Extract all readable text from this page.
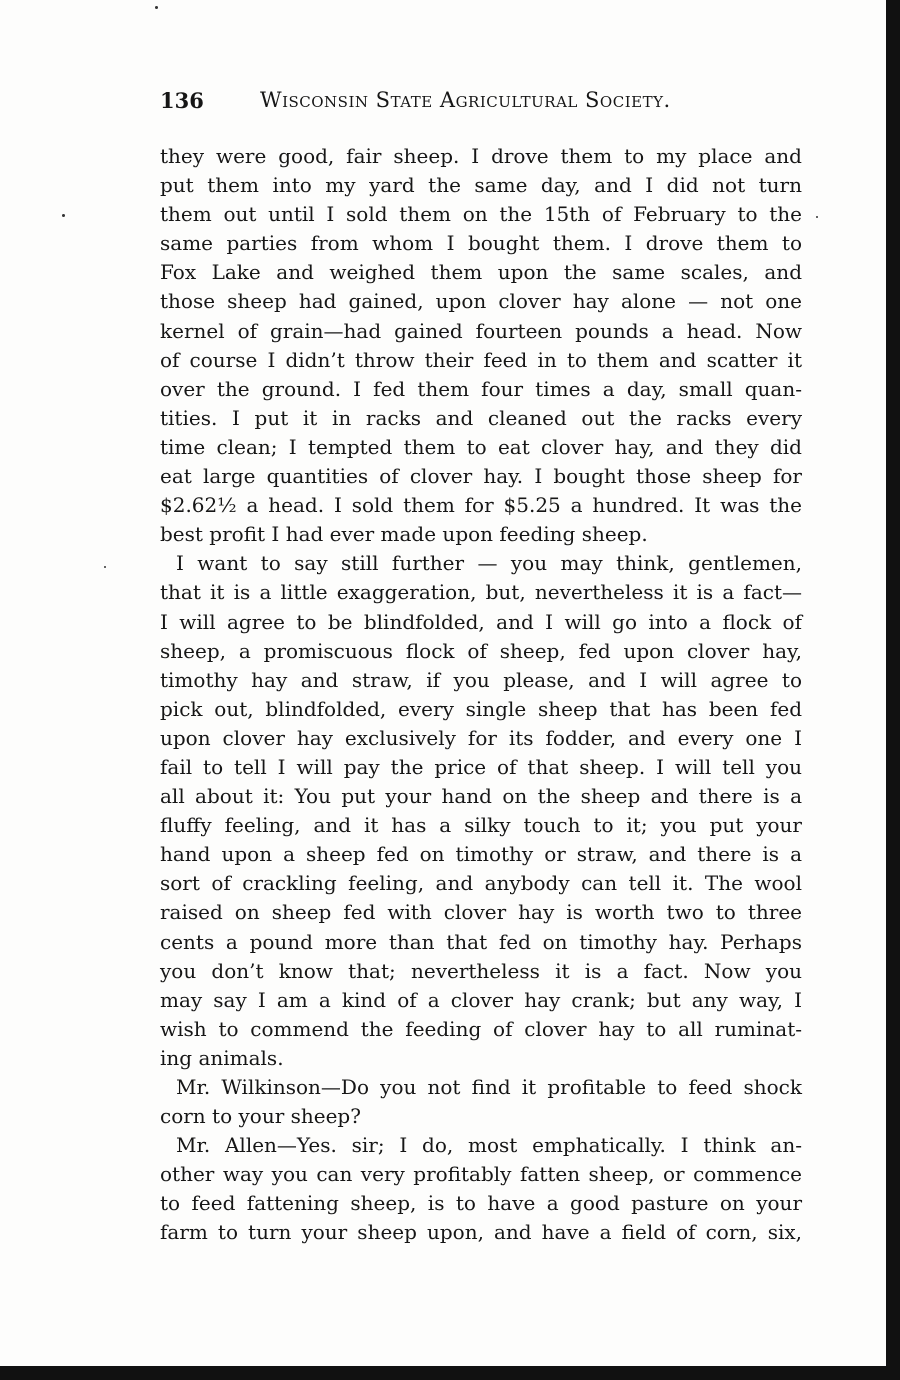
136	Wisconsin State Agricultural Society.
they were good, fair sheep. I drove them to my place and
put them into my yard the same day, and I did not turn
them out until I sold them on the 15th of February to the
same parties from whom I bought them. I drove them to
Fox Lake and weighed them upon the same scales, and
those sheep had gained, upon clover hay alone — not one
kernel of grain—had gained fourteen pounds a head. Now
of course I didn’t throw their feed in to them and scatter it
over the ground. I fed them four times a day, small quan-
tities. I put it in racks and cleaned out the racks every
time clean; I tempted them to eat clover hay, and they did
eat large quantities of clover hay. I bought those sheep for
$2.62½ a head. I sold them for $5.25 a hundred. It was the
best profit I had ever made upon feeding sheep.
I want to say still further — you may think, gentlemen,
that it is a little exaggeration, but, nevertheless it is a fact—
I will agree to be blindfolded, and I will go into a flock of
sheep, a promiscuous flock of sheep, fed upon clover hay,
timothy hay and straw, if you please, and I will agree to
pick out, blindfolded, every single sheep that has been fed
upon clover hay exclusively for its fodder, and every one I
fail to tell I will pay the price of that sheep. I will tell you
all about it: You put your hand on the sheep and there is a
fluffy feeling, and it has a silky touch to it; you put your
hand upon a sheep fed on timothy or straw, and there is a
sort of crackling feeling, and anybody can tell it. The wool
raised on sheep fed with clover hay is worth two to three
cents a pound more than that fed on timothy hay. Perhaps
you don’t know that; nevertheless it is a fact. Now you
may say I am a kind of a clover hay crank; but any way, I
wish to commend the feeding of clover hay to all ruminat-
ing animals.
Mr. Wilkinson—Do you not find it profitable to feed shock
corn to your sheep?
Mr. Allen—Yes. sir; I do, most emphatically. I think an-
other way you can very profitably fatten sheep, or commence
to feed fattening sheep, is to have a good pasture on your
farm to turn your sheep upon, and have a field of corn, six,
